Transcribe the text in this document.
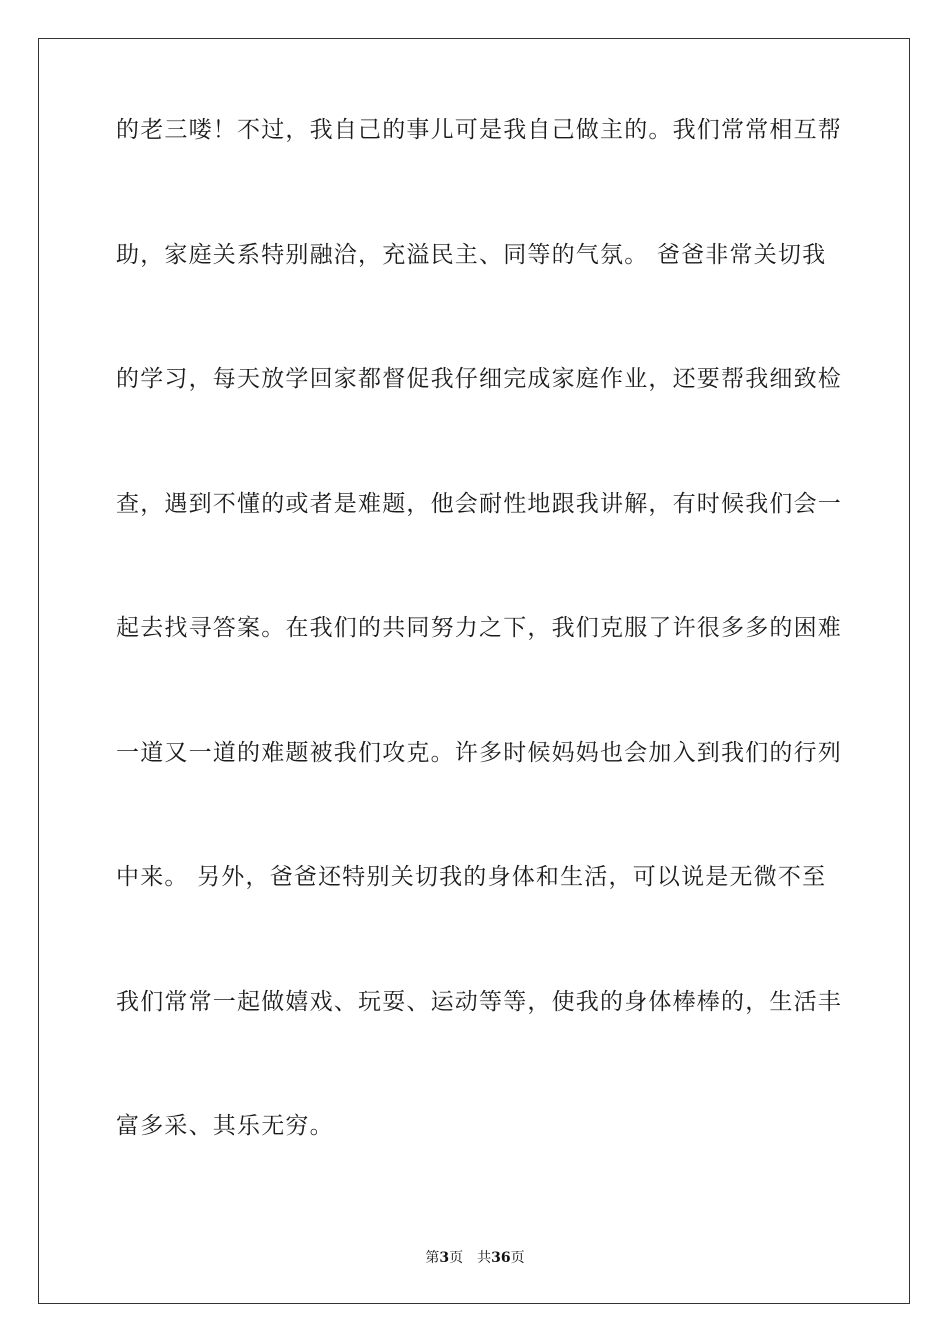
的老三喽！不过，我自己的事儿可是我自己做主的。我们常常相互帮

助，家庭关系特别融洽，充溢民主、同等的气氛。 爸爸非常关切我

的学习，每天放学回家都督促我仔细完成家庭作业，还要帮我细致检

查，遇到不懂的或者是难题，他会耐性地跟我讲解，有时候我们会一

起去找寻答案。在我们的共同努力之下，我们克服了许很多多的困难

一道又一道的难题被我们攻克。许多时候妈妈也会加入到我们的行列

中来。 另外，爸爸还特别关切我的身体和生活，可以说是无微不至

我们常常一起做嬉戏、玩耍、运动等等，使我的身体棒棒的，生活丰

富多采、其乐无穷。

第3页 共36页
